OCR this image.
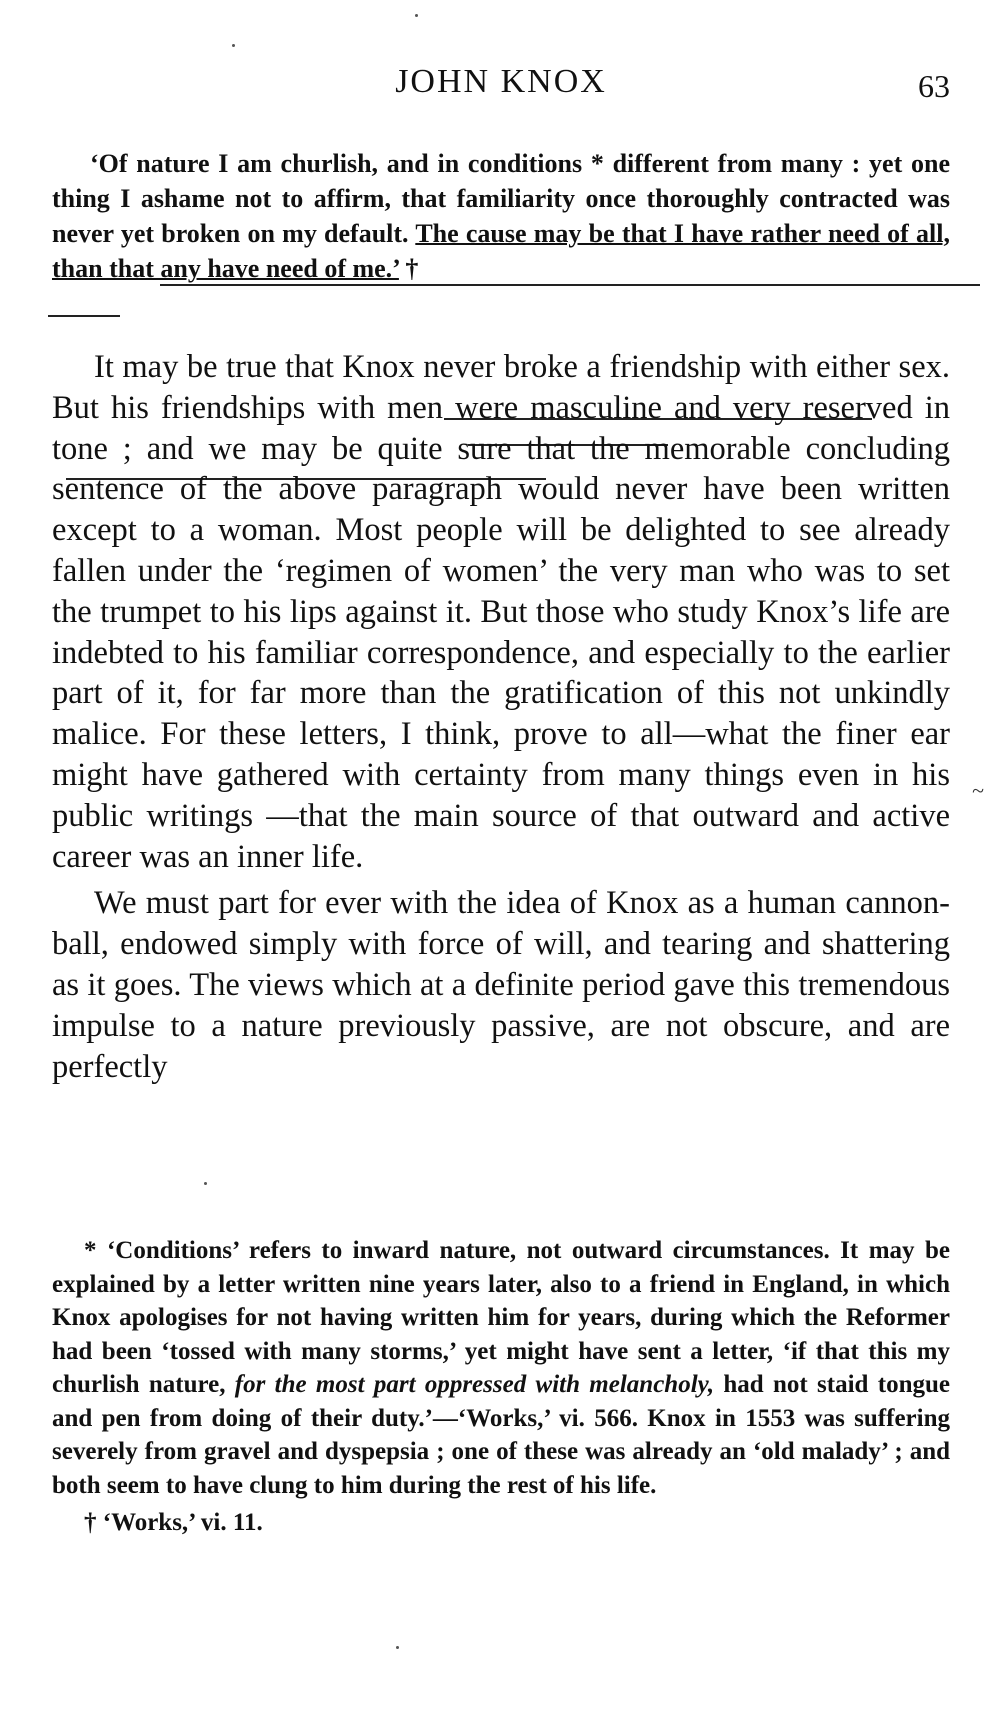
JOHN KNOX	63
‘Of nature I am churlish, and in conditions * different from many : yet one thing I ashame not to affirm, that familiarity once thoroughly contracted was never yet broken on my default. The cause may be that I have rather need of all, than that any have need of me.’ †

It may be true that Knox never broke a friendship with either sex. But his friendships with men were masculine and very reserved in tone ; and we may be quite sure that the memorable concluding sentence of the above paragraph would never have been written except to a woman. Most people will be delighted to see already fallen under the ‘regimen of women’ the very man who was to set the trumpet to his lips against it. But those who study Knox’s life are indebted to his familiar correspondence, and especially to the earlier part of it, for far more than the gratification of this not unkindly malice. For these letters, I think, prove to all—what the finer ear might have gathered with certainty from many things even in his public writings —that the main source of that outward and active career was an inner life.

We must part for ever with the idea of Knox as a human cannon-ball, endowed simply with force of will, and tearing and shattering as it goes. The views which at a definite period gave this tremendous impulse to a nature previously passive, are not obscure, and are perfectly

~

* ‘Conditions’ refers to inward nature, not outward circumstances. It may be explained by a letter written nine years later, also to a friend in England, in which Knox apologises for not having written him for years, during which the Reformer had been ‘tossed with many storms,’ yet might have sent a letter, ‘if that this my churlish nature, for the most part oppressed with melancholy, had not staid tongue and pen from doing of their duty.’—‘Works,’ vi. 566. Knox in 1553 was suffering severely from gravel and dyspepsia ; one of these was already an ‘old malady’ ; and both seem to have clung to him during the rest of his life.

† ‘Works,’ vi. 11.
